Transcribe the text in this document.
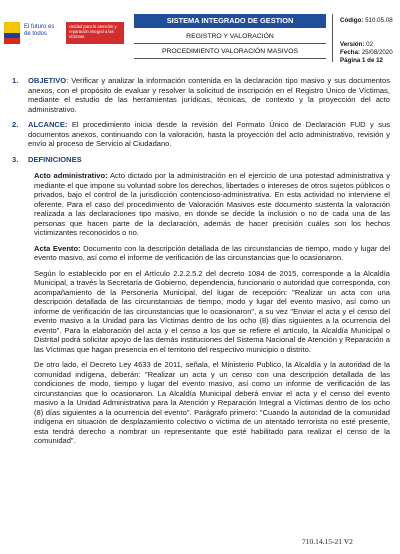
El futuro es de todos
Unidad para la atención y reparación integral a las víctimas
SISTEMA INTEGRADO DE GESTION
REGISTRO Y VALORACIÓN
PROCEDIMIENTO VALORACIÓN MASIVOS
Código: 510.05.08
Versión: 02
Fecha: 25/08/2020
Página 1 de 12
1.	OBJETIVO: Verificar y analizar la información contenida en la declaración tipo masivo y sus documentos anexos, con el propósito de evaluar y resolver la solicitud de inscripción en el Registro Único de Víctimas, mediante el estudio de las herramientas jurídicas, técnicas, de contexto y la proyección del acto administrativo.
2.	ALCANCE: El procedimiento inicia desde la revisión del Formato Único de Declaración FUD y sus documentos anexos, continuando con la valoración, hasta la proyección del acto administrativo, revisión y envío al proceso de Servicio al Ciudadano.
3.	DEFINICIONES

Acto administrativo: Acto dictado por la administración en el ejercicio de una potestad administrativa y mediante el que impone su voluntad sobre los derechos, libertades o intereses de otros sujetos públicos o privados, bajo el control de la jurisdicción contencioso-administrativa. En esta actividad no interviene el oferente. Para el caso del procedimiento de Valoración Masivos este documento sustenta la valoración realizada a las declaraciones tipo masivo, en donde se decide la inclusión o no de cada una de las personas que hacen parte de la declaración, además de hacer precisión cuáles son los hechos victimizantes reconocidos o no.

Acta Evento: Documento con la descripción detallada de las circunstancias de tiempo, modo y lugar del evento masivo, así como el informe de verificación de las circunstancias que lo ocasionaron.

Según lo establecido por en el Artículo 2.2.2.5.2 del decreto 1084 de 2015, corresponde a la Alcaldía Municipal, a través la Secretaría de Gobierno, dependencia, funcionario o autoridad que corresponda, con acompañamiento de la Personería Municipal, del lugar de recepción: "Realizar un acta con una descripción detallada de las circunstancias de tiempo, modo y lugar del evento masivo, así como un informe de verificación de las circunstancias que lo ocasionaron", a su vez "Enviar el acta y el censo del evento masivo a la Unidad para las Víctimas dentro de los ocho (8) días siguientes a la ocurrencia del evento". Para la elaboración del acta y el censo a los que se refiere el artículo, la Alcaldía Municipal o Distrital podrá solicitar apoyo de las demás instituciones del Sistema Nacional de Atención y Reparación a las Víctimas que hagan presencia en el territorio del respectivo municipio o distrito.

De otro lado, el Decreto Ley 4633 de 2011, señala, el Ministerio Publico, la Alcaldía y la autoridad de la comunidad indígena, deberán: "Realizar un acta y un censo con una descripción detallada de las condiciones de modo, tiempo y lugar del evento masivo, así como un informe de verificación de las circunstancias que lo ocasionaron. La Alcaldía Municipal deberá enviar el acta y el censo del evento masivo a la Unidad Administrativa para la Atención y Reparación Integral a Víctimas dentro de los ocho (8) días siguientes a la ocurrencia del evento". Parágrafo primero: "Cuando la autoridad de la comunidad indígena en situación de desplazamiento colectivo o víctima de un atentado terrorista no esté presente, esta tendrá derecho a nombrar un representante que esté habilitado para realizar el censo de la comunidad".

710.14.15-21 V2
